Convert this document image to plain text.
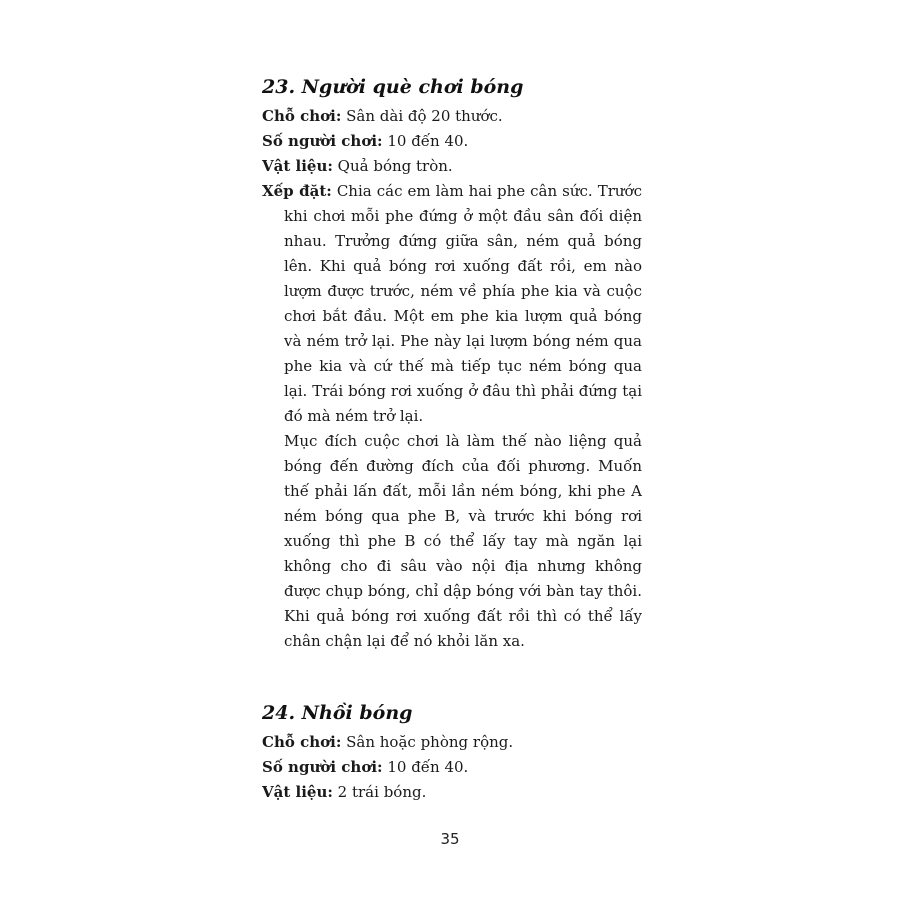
23. Người què chơi bóng

Chỗ chơi: Sân dài độ 20 thước.

Số người chơi: 10 đến 40.

Vật liệu: Quả bóng tròn.

Xếp đặt: Chia các em làm hai phe cân sức. Trước khi chơi mỗi phe đứng ở một đầu sân đối diện nhau. Trưởng đứng giữa sân, ném quả bóng lên. Khi quả bóng rơi xuống đất rồi, em nào lượm được trước, ném về phía phe kia và cuộc chơi bắt đầu. Một em phe kia lượm quả bóng và ném trở lại. Phe này lại lượm bóng ném qua phe kia và cứ thế mà tiếp tục ném bóng qua lại. Trái bóng rơi xuống ở đâu thì phải đứng tại đó mà ném trở lại.

Mục đích cuộc chơi là làm thế nào liệng quả bóng đến đường đích của đối phương. Muốn thế phải lấn đất, mỗi lần ném bóng, khi phe A ném bóng qua phe B, và trước khi bóng rơi xuống thì phe B có thể lấy tay mà ngăn lại không cho đi sâu vào nội địa nhưng không được chụp bóng, chỉ dập bóng với bàn tay thôi. Khi quả bóng rơi xuống đất rồi thì có thể lấy chân chận lại để nó khỏi lăn xa.

24. Nhồi bóng

Chỗ chơi: Sân hoặc phòng rộng.

Số người chơi: 10 đến 40.

Vật liệu: 2 trái bóng.

35
